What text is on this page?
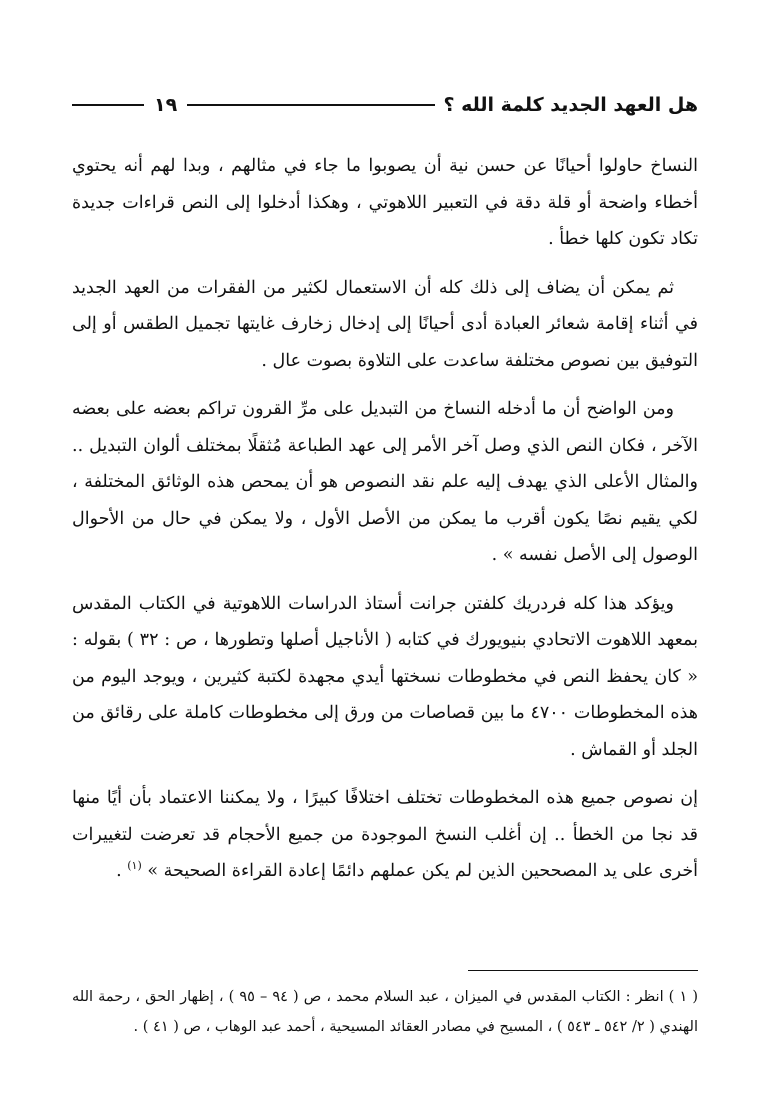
هل العهد الجديد كلمة الله ؟
١٩

النساخ حاولوا أحيانًا عن حسن نية أن يصوبوا ما جاء في مثالهم ، وبدا لهم أنه يحتوي أخطاء واضحة أو قلة دقة في التعبير اللاهوتي ، وهكذا أدخلوا إلى النص قراءات جديدة تكاد تكون كلها خطأ .

ثم يمكن أن يضاف إلى ذلك كله أن الاستعمال لكثير من الفقرات من العهد الجديد في أثناء إقامة شعائر العبادة أدى أحيانًا إلى إدخال زخارف غايتها تجميل الطقس أو إلى التوفيق بين نصوص مختلفة ساعدت على التلاوة بصوت عال .

ومن الواضح أن ما أدخله النساخ من التبديل على مرِّ القرون تراكم بعضه على بعضه الآخر ، فكان النص الذي وصل آخر الأمر إلى عهد الطباعة مُثقلًا بمختلف ألوان التبديل .. والمثال الأعلى الذي يهدف إليه علم نقد النصوص هو أن يمحص هذه الوثائق المختلفة ، لكي يقيم نصًا يكون أقرب ما يمكن من الأصل الأول ، ولا يمكن في حال من الأحوال الوصول إلى الأصل نفسه » .

ويؤكد هذا كله فردريك كلفتن جرانت أستاذ الدراسات اللاهوتية في الكتاب المقدس بمعهد اللاهوت الاتحادي بنيويورك في كتابه ( الأناجيل أصلها وتطورها ، ص : ٣٢ ) بقوله : « كان يحفظ النص في مخطوطات نسختها أيدي مجهدة لكتبة كثيرين ، ويوجد اليوم من هذه المخطوطات ٤٧٠٠ ما بين قصاصات من ورق إلى مخطوطات كاملة على رقائق من الجلد أو القماش .

إن نصوص جميع هذه المخطوطات تختلف اختلافًا كبيرًا ، ولا يمكننا الاعتماد بأن أيًا منها قد نجا من الخطأ .. إن أغلب النسخ الموجودة من جميع الأحجام قد تعرضت لتغييرات أخرى على يد المصححين الذين لم يكن عملهم دائمًا إعادة القراءة الصحيحة » $^{(١)}$ .

( ١ ) انظر : الكتاب المقدس في الميزان ، عبد السلام محمد ، ص ( ٩٤ – ٩٥ ) ، إظهار الحق ، رحمة الله الهندي ( ٢/ ٥٤٢ ـ ٥٤٣ ) ، المسيح في مصادر العقائد المسيحية ، أحمد عبد الوهاب ، ص ( ٤١ ) .
